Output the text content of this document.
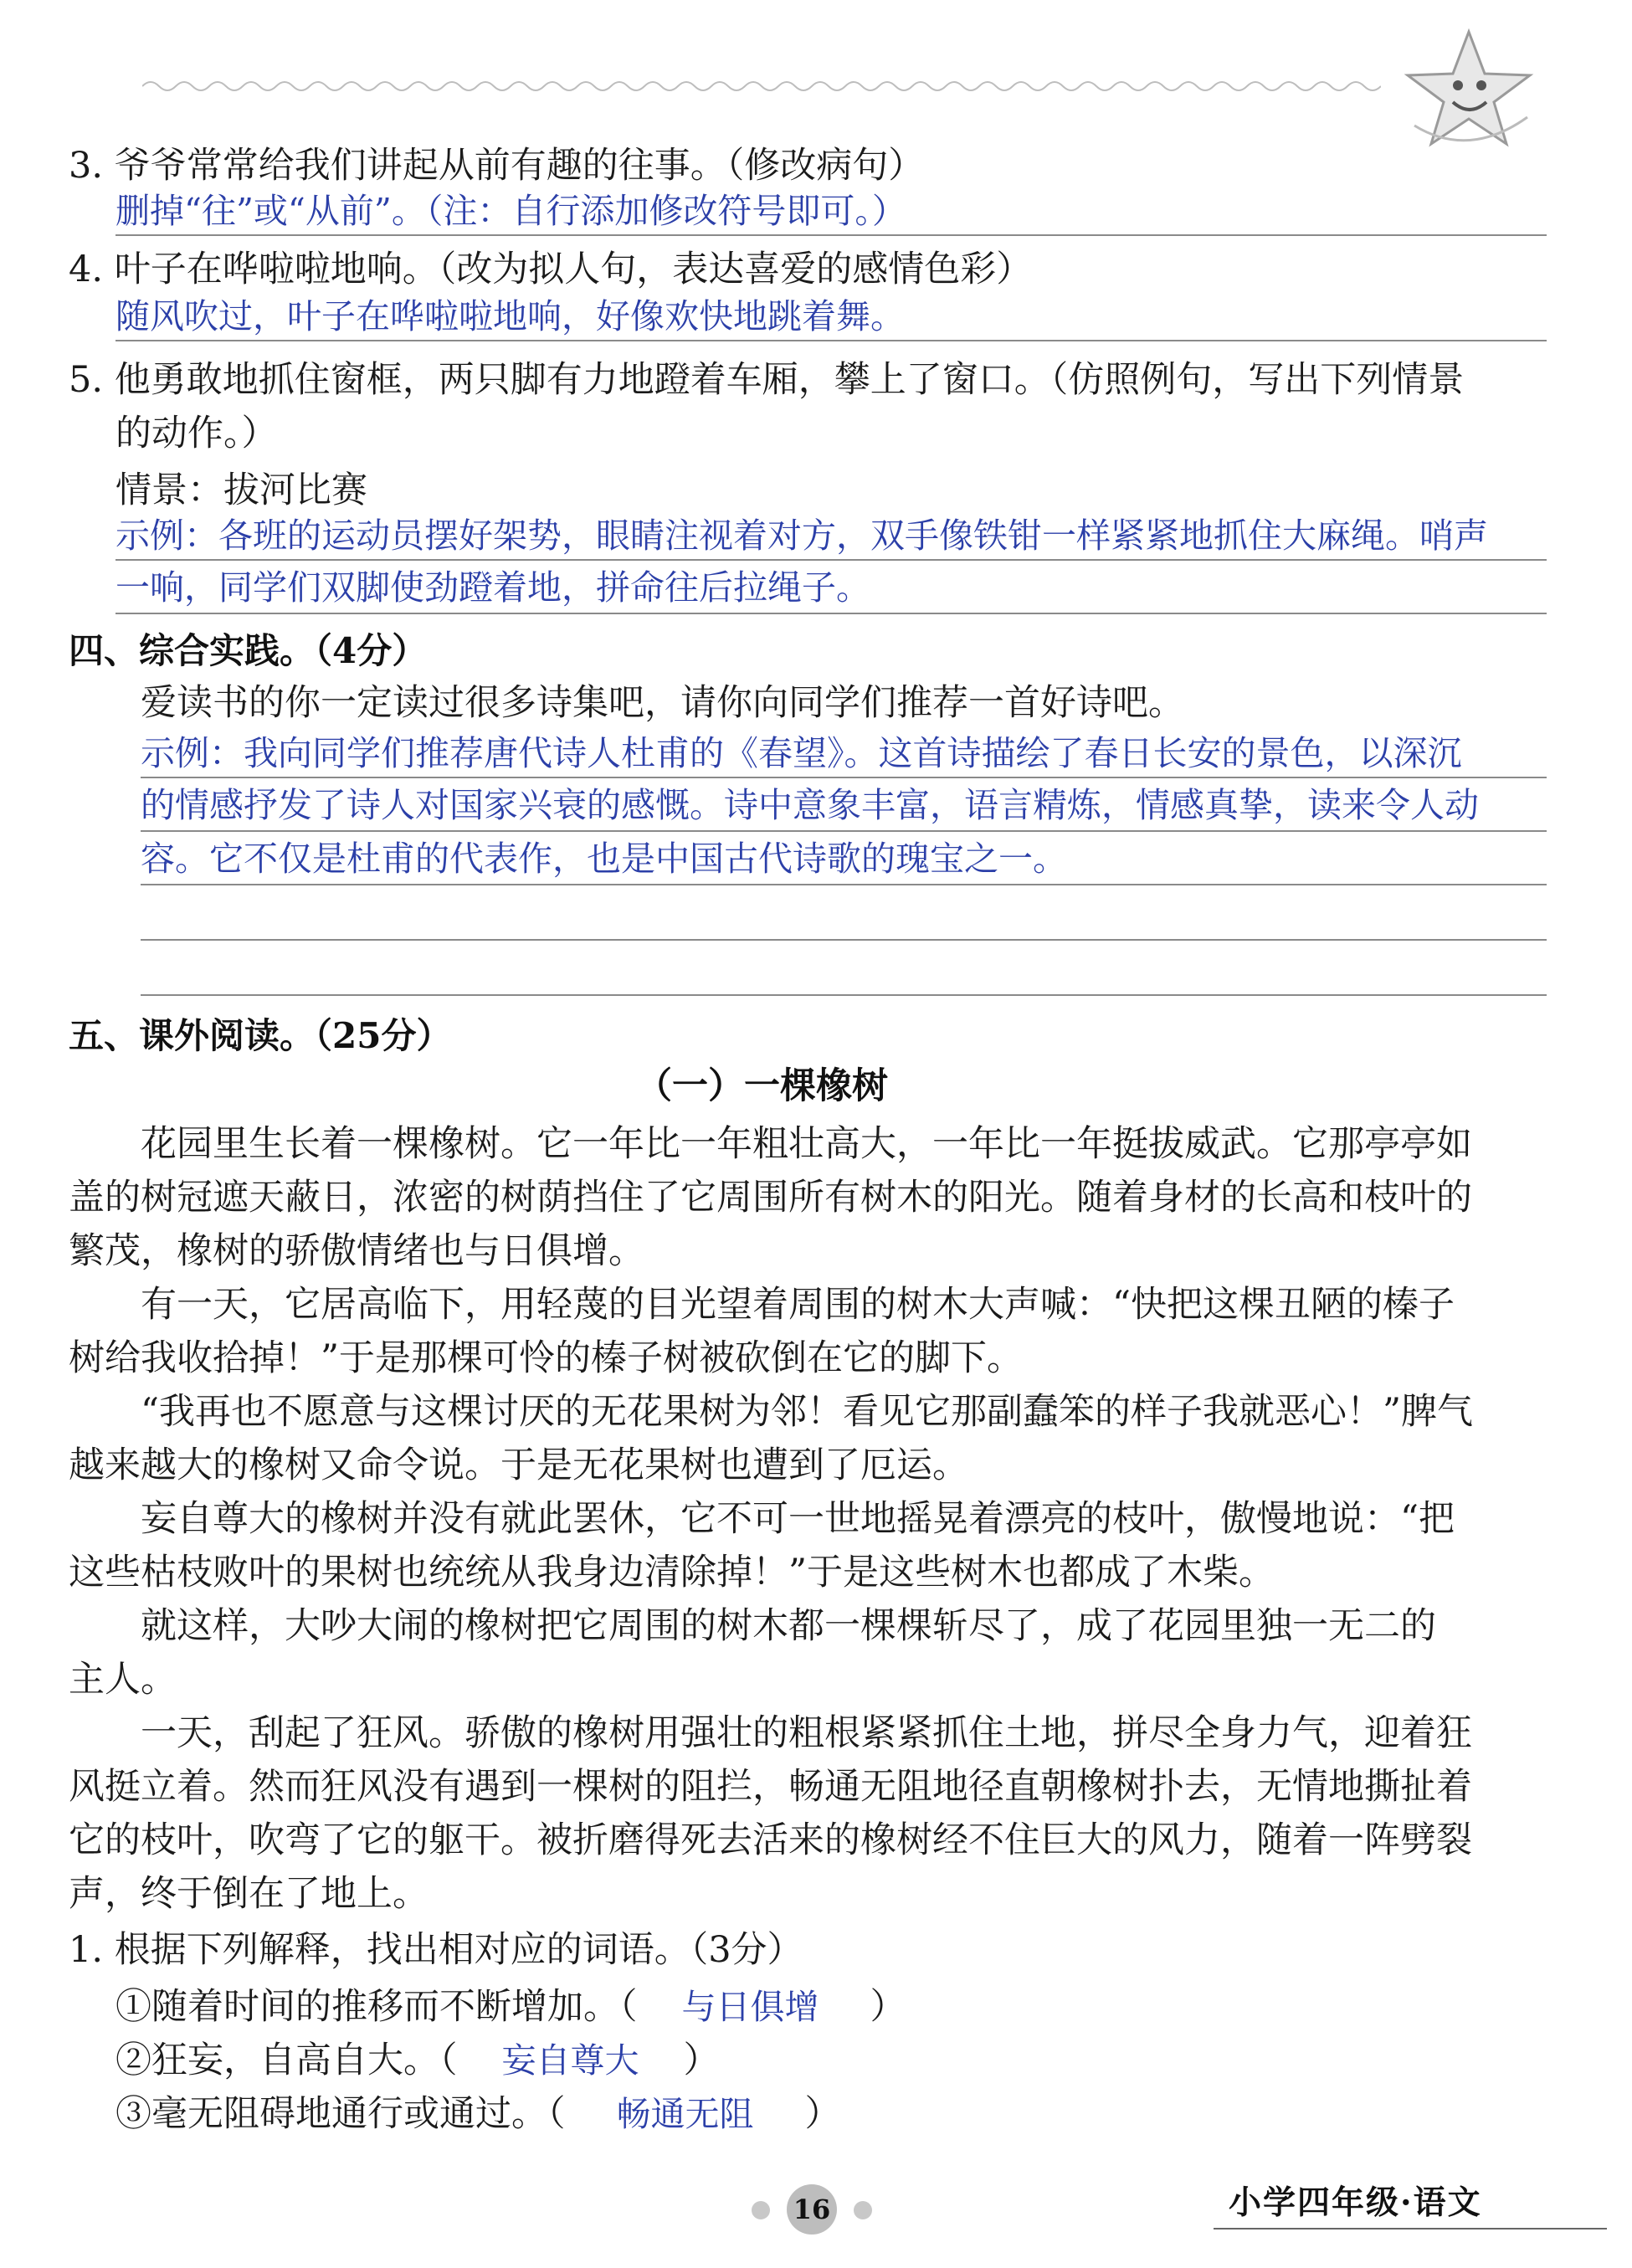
3. 爷爷常常给我们讲起从前有趣的往事。（修改病句）
删掉“往”或“从前”。（注：自行添加修改符号即可。）
4. 叶子在哗啦啦地响。（改为拟人句，表达喜爱的感情色彩）
随风吹过，叶子在哗啦啦地响，好像欢快地跳着舞。
5. 他勇敢地抓住窗框，两只脚有力地蹬着车厢，攀上了窗口。（仿照例句，写出下列情景
的动作。）
情景：拔河比赛
示例：各班的运动员摆好架势，眼睛注视着对方，双手像铁钳一样紧紧地抓住大麻绳。哨声
一响，同学们双脚使劲蹬着地，拼命往后拉绳子。
四、综合实践。（4分）
爱读书的你一定读过很多诗集吧，请你向同学们推荐一首好诗吧。
示例：我向同学们推荐唐代诗人杜甫的《春望》。这首诗描绘了春日长安的景色，以深沉
的情感抒发了诗人对国家兴衰的感慨。诗中意象丰富，语言精炼，情感真挚，读来令人动
容。它不仅是杜甫的代表作，也是中国古代诗歌的瑰宝之一。
五、课外阅读。（25分）
（一）一棵橡树
花园里生长着一棵橡树。它一年比一年粗壮高大，一年比一年挺拔威武。它那亭亭如
盖的树冠遮天蔽日，浓密的树荫挡住了它周围所有树木的阳光。随着身材的长高和枝叶的
繁茂，橡树的骄傲情绪也与日俱增。
有一天，它居高临下，用轻蔑的目光望着周围的树木大声喊：“快把这棵丑陋的榛子
树给我收拾掉！”于是那棵可怜的榛子树被砍倒在它的脚下。
“我再也不愿意与这棵讨厌的无花果树为邻！看见它那副蠢笨的样子我就恶心！”脾气
越来越大的橡树又命令说。于是无花果树也遭到了厄运。
妄自尊大的橡树并没有就此罢休，它不可一世地摇晃着漂亮的枝叶，傲慢地说：“把
这些枯枝败叶的果树也统统从我身边清除掉！”于是这些树木也都成了木柴。
就这样，大吵大闹的橡树把它周围的树木都一棵棵斩尽了，成了花园里独一无二的
主人。
一天，刮起了狂风。骄傲的橡树用强壮的粗根紧紧抓住土地，拼尽全身力气，迎着狂
风挺立着。然而狂风没有遇到一棵树的阻拦，畅通无阻地径直朝橡树扑去，无情地撕扯着
它的枝叶，吹弯了它的躯干。被折磨得死去活来的橡树经不住巨大的风力，随着一阵劈裂
声，终于倒在了地上。
1. 根据下列解释，找出相对应的词语。（3分）
①随着时间的推移而不断增加。（ 与日俱增 ）
②狂妄，自高自大。（ 妄自尊大 ）
③毫无阻碍地通行或通过。（ 畅通无阻 ）
16	小学四年级·语文
